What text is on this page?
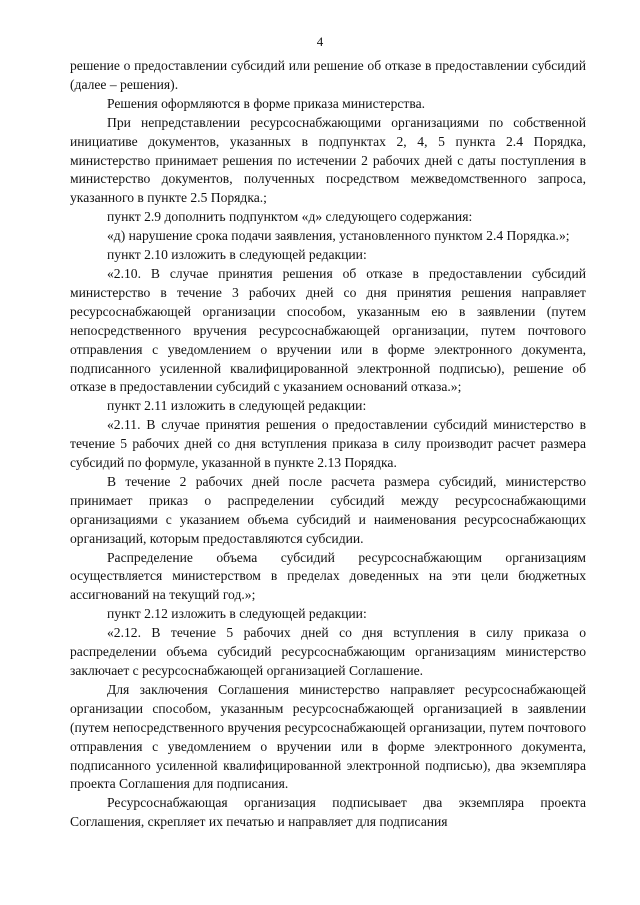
4

решение о предоставлении субсидий или решение об отказе в предоставлении субсидий (далее – решения).

Решения оформляются в форме приказа министерства.

При непредставлении ресурсоснабжающими организациями по собственной инициативе документов, указанных в подпунктах 2, 4, 5 пункта 2.4 Порядка, министерство принимает решения по истечении 2 рабочих дней с даты поступления в министерство документов, полученных посредством межведомственного запроса, указанного в пункте 2.5 Порядка.;

пункт 2.9 дополнить подпунктом «д» следующего содержания:

«д) нарушение срока подачи заявления, установленного пунктом 2.4 Порядка.»;

пункт 2.10 изложить в следующей редакции:

«2.10. В случае принятия решения об отказе в предоставлении субсидий министерство в течение 3 рабочих дней со дня принятия решения направляет ресурсоснабжающей организации способом, указанным ею в заявлении (путем непосредственного вручения ресурсоснабжающей организации, путем почтового отправления с уведомлением о вручении или в форме электронного документа, подписанного усиленной квалифицированной электронной подписью), решение об отказе в предоставлении субсидий с указанием оснований отказа.»;

пункт 2.11 изложить в следующей редакции:

«2.11. В случае принятия решения о предоставлении субсидий министерство в течение 5 рабочих дней со дня вступления приказа в силу производит расчет размера субсидий по формуле, указанной в пункте 2.13 Порядка.

В течение 2 рабочих дней после расчета размера субсидий, министерство принимает приказ о распределении субсидий между ресурсоснабжающими организациями с указанием объема субсидий и наименования ресурсоснабжающих организаций, которым предоставляются субсидии.

Распределение объема субсидий ресурсоснабжающим организациям осуществляется министерством в пределах доведенных на эти цели бюджетных ассигнований на текущий год.»;

пункт 2.12 изложить в следующей редакции:

«2.12. В течение 5 рабочих дней со дня вступления в силу приказа о распределении объема субсидий ресурсоснабжающим организациям министерство заключает с ресурсоснабжающей организацией Соглашение.

Для заключения Соглашения министерство направляет ресурсоснабжающей организации способом, указанным ресурсоснабжающей организацией в заявлении (путем непосредственного вручения ресурсоснабжающей организации, путем почтового отправления с уведомлением о вручении или в форме электронного документа, подписанного усиленной квалифицированной электронной подписью), два экземпляра проекта Соглашения для подписания.

Ресурсоснабжающая организация подписывает два экземпляра проекта Соглашения, скрепляет их печатью и направляет для подписания
